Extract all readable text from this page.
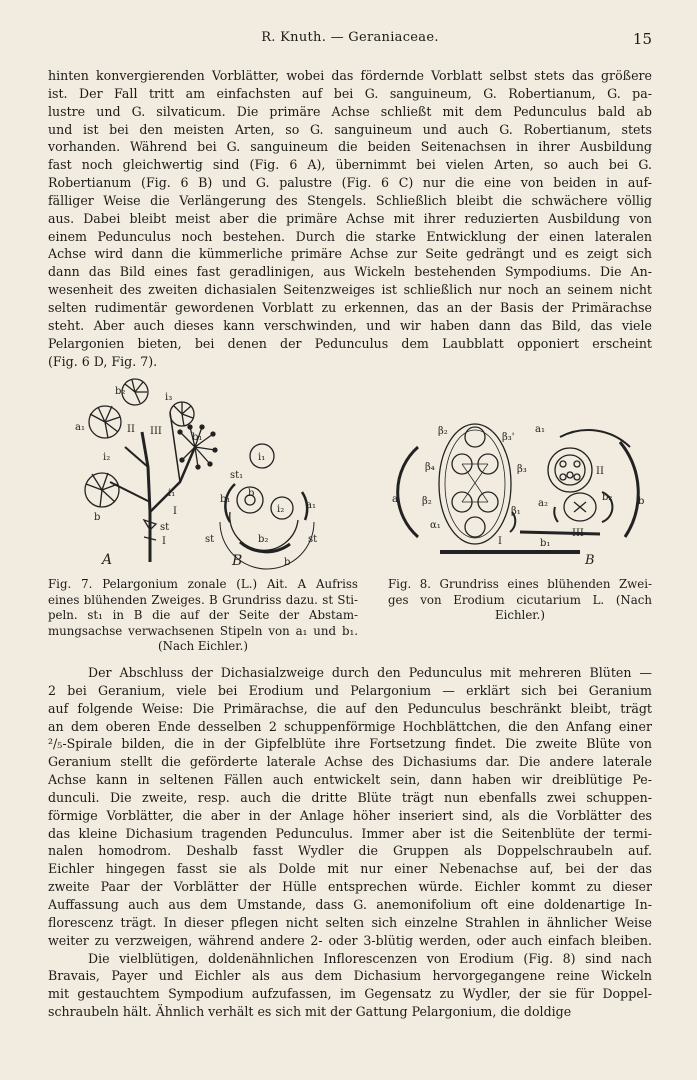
R. Knuth. — Geraniaceae.	15
hinten konvergierenden Vorblätter, wobei das fördernde Vorblatt selbst stets das größere
ist. Der Fall tritt am einfachsten auf bei G. sanguineum, G. Robertianum, G. pa-
lustre und G. silvaticum. Die primäre Achse schließt mit dem Pedunculus bald ab
und ist bei den meisten Arten, so G. sanguineum und auch G. Robertianum, stets
vorhanden. Während bei G. sanguineum die beiden Seitenachsen in ihrer Ausbildung
fast noch gleichwertig sind (Fig. 6 A), übernimmt bei vielen Arten, so auch bei G.
Robertianum (Fig. 6 B) und G. palustre (Fig. 6 C) nur die eine von beiden in auf-
fälliger Weise die Verlängerung des Stengels. Schließlich bleibt die schwächere völlig
aus. Dabei bleibt meist aber die primäre Achse mit ihrer reduzierten Ausbildung von
einem Pedunculus noch bestehen. Durch die starke Entwicklung der einen lateralen
Achse wird dann die kümmerliche primäre Achse zur Seite gedrängt und es zeigt sich
dann das Bild eines fast geradlinigen, aus Wickeln bestehenden Sympodiums. Die An-
wesenheit des zweiten dichasialen Seitenzweiges ist schließlich nur noch an seinem nicht
selten rudimentär gewordenen Vorblatt zu erkennen, das an der Basis der Primärachse
steht. Aber auch dieses kann verschwinden, und wir haben dann das Bild, das viele
Pelargonien bieten, bei denen der Pedunculus dem Laubblatt opponiert erscheint
(Fig. 6 D, Fig. 7).
b₂
i₃
a₁	II III
b₁
i₂
i₁
b
I
st
I
A
i₁
st₁
b₁
b
i₂ a₁
st	b₂	st
B	b
β₂
β₃'
a₁
β₄	β₃	II
a β₂
β₁
a₂
b₂	b
α₁
I
III
b₁
B
Fig. 7. Pelargonium zonale (L.) Ait. A Aufriss
eines blühenden Zweiges. B Grundriss dazu. st Sti-
peln. st₁ in B die auf der Seite der Abstam-
mungsachse verwachsenen Stipeln von a₁ und b₁.
(Nach Eichler.)
Fig. 8. Grundriss eines blühenden Zwei-
ges von Erodium cicutarium L. (Nach
Eichler.)
Der Abschluss der Dichasialzweige durch den Pedunculus mit mehreren Blüten —
2 bei Geranium, viele bei Erodium und Pelargonium — erklärt sich bei Geranium
auf folgende Weise: Die Primärachse, die auf den Pedunculus beschränkt bleibt, trägt
an dem oberen Ende desselben 2 schuppenförmige Hochblättchen, die den Anfang einer
²/₅-Spirale bilden, die in der Gipfelblüte ihre Fortsetzung findet. Die zweite Blüte von
Geranium stellt die geförderte laterale Achse des Dichasiums dar. Die andere laterale
Achse kann in seltenen Fällen auch entwickelt sein, dann haben wir dreiblütige Pe-
dunculi. Die zweite, resp. auch die dritte Blüte trägt nun ebenfalls zwei schuppen-
förmige Vorblätter, die aber in der Anlage höher inseriert sind, als die Vorblätter des
das kleine Dichasium tragenden Pedunculus. Immer aber ist die Seitenblüte der termi-
nalen homodrom. Deshalb fasst Wydler die Gruppen als Doppelschraubeln auf.
Eichler hingegen fasst sie als Dolde mit nur einer Nebenachse auf, bei der das
zweite Paar der Vorblätter der Hülle entsprechen würde. Eichler kommt zu dieser
Auffassung auch aus dem Umstande, dass G. anemonifolium oft eine doldenartige In-
florescenz trägt. In dieser pflegen nicht selten sich einzelne Strahlen in ähnlicher Weise
weiter zu verzweigen, während andere 2- oder 3-blütig werden, oder auch einfach bleiben.
Die vielblütigen, doldenähnlichen Inflorescenzen von Erodium (Fig. 8) sind nach
Bravais, Payer und Eichler als aus dem Dichasium hervorgegangene reine Wickeln
mit gestauchtem Sympodium aufzufassen, im Gegensatz zu Wydler, der sie für Doppel-
schraubeln hält. Ähnlich verhält es sich mit der Gattung Pelargonium, die doldige
